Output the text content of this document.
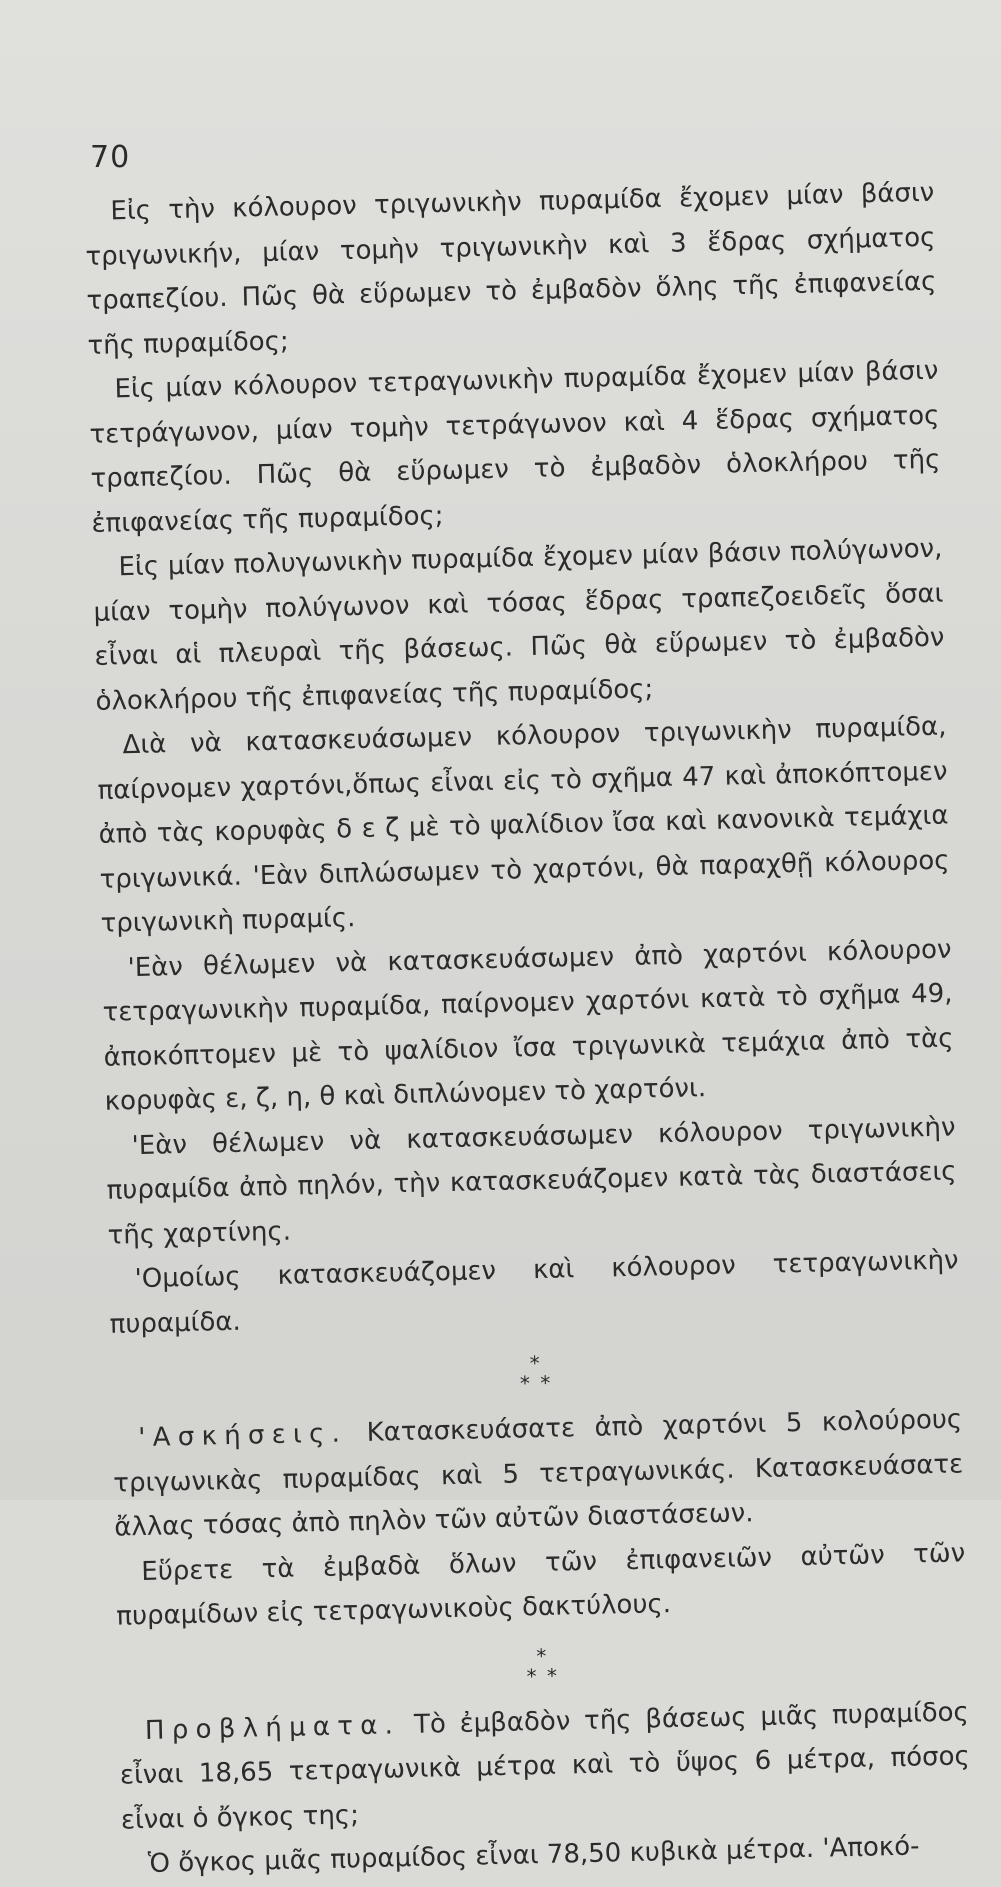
70

Εἰς τὴν κόλουρον τριγωνικὴν πυραμίδα ἔχομεν μίαν βάσιν τριγωνικήν, μίαν τομὴν τριγωνικὴν καὶ 3 ἕδρας σχήματος τραπεζίου. Πῶς θὰ εὕρωμεν τὸ ἐμβαδὸν ὅλης τῆς ἐπιφανείας τῆς πυραμίδος;

Εἰς μίαν κόλουρον τετραγωνικὴν πυραμίδα ἔχομεν μίαν βάσιν τετράγωνον, μίαν τομὴν τετράγωνον καὶ 4 ἕδρας σχήματος τραπεζίου. Πῶς θὰ εὕρωμεν τὸ ἐμβαδὸν ὁλοκλήρου τῆς ἐπιφανείας τῆς πυραμίδος;

Εἰς μίαν πολυγωνικὴν πυραμίδα ἔχομεν μίαν βάσιν πολύγωνον, μίαν τομὴν πολύγωνον καὶ τόσας ἕδρας τραπεζοειδεῖς ὅσαι εἶναι αἱ πλευραὶ τῆς βάσεως. Πῶς θὰ εὕρωμεν τὸ ἐμβαδὸν ὁλοκλήρου τῆς ἐπιφανείας τῆς πυραμίδος;

Διὰ νὰ κατασκευάσωμεν κόλουρον τριγωνικὴν πυραμίδα, παίρνομεν χαρτόνι,ὅπως εἶναι εἰς τὸ σχῆμα 47 καὶ ἀποκόπτομεν ἀπὸ τὰς κορυφὰς δ ε ζ μὲ τὸ ψαλίδιον ἴσα καὶ κανονικὰ τεμάχια τριγωνικά. 'Εὰν διπλώσωμεν τὸ χαρτόνι, θὰ παραχθῇ κόλουρος τριγωνικὴ πυραμίς.

'Εὰν θέλωμεν νὰ κατασκευάσωμεν ἀπὸ χαρτόνι κόλουρον τετραγωνικὴν πυραμίδα, παίρνομεν χαρτόνι κατὰ τὸ σχῆμα 49, ἀποκόπτομεν μὲ τὸ ψαλίδιον ἴσα τριγωνικὰ τεμάχια ἀπὸ τὰς κορυφὰς ε, ζ, η, θ καὶ διπλώνομεν τὸ χαρτόνι.

'Εὰν θέλωμεν νὰ κατασκευάσωμεν κόλουρον τριγωνικὴν πυραμίδα ἀπὸ πηλόν, τὴν κατασκευάζομεν κατὰ τὰς διαστάσεις τῆς χαρτίνης.

'Ομοίως κατασκευάζομεν καὶ κόλουρον τετραγωνικὴν πυραμίδα.

*
* *

'Ασκήσεις. Κατασκευάσατε ἀπὸ χαρτόνι 5 κολούρους τριγωνικὰς πυραμίδας καὶ 5 τετραγωνικάς. Κατασκευάσατε ἄλλας τόσας ἀπὸ πηλὸν τῶν αὐτῶν διαστάσεων.

Εὕρετε τὰ ἐμβαδὰ ὅλων τῶν ἐπιφανειῶν αὐτῶν τῶν πυραμίδων εἰς τετραγωνικοὺς δακτύλους.

*
* *

Προβλήματα. Τὸ ἐμβαδὸν τῆς βάσεως μιᾶς πυραμίδος εἶναι 18,65 τετραγωνικὰ μέτρα καὶ τὸ ὕψος 6 μέτρα, πόσος εἶναι ὁ ὄγκος της;

Ὁ ὄγκος μιᾶς πυραμίδος εἶναι 78,50 κυβικὰ μέτρα. 'Αποκό-
